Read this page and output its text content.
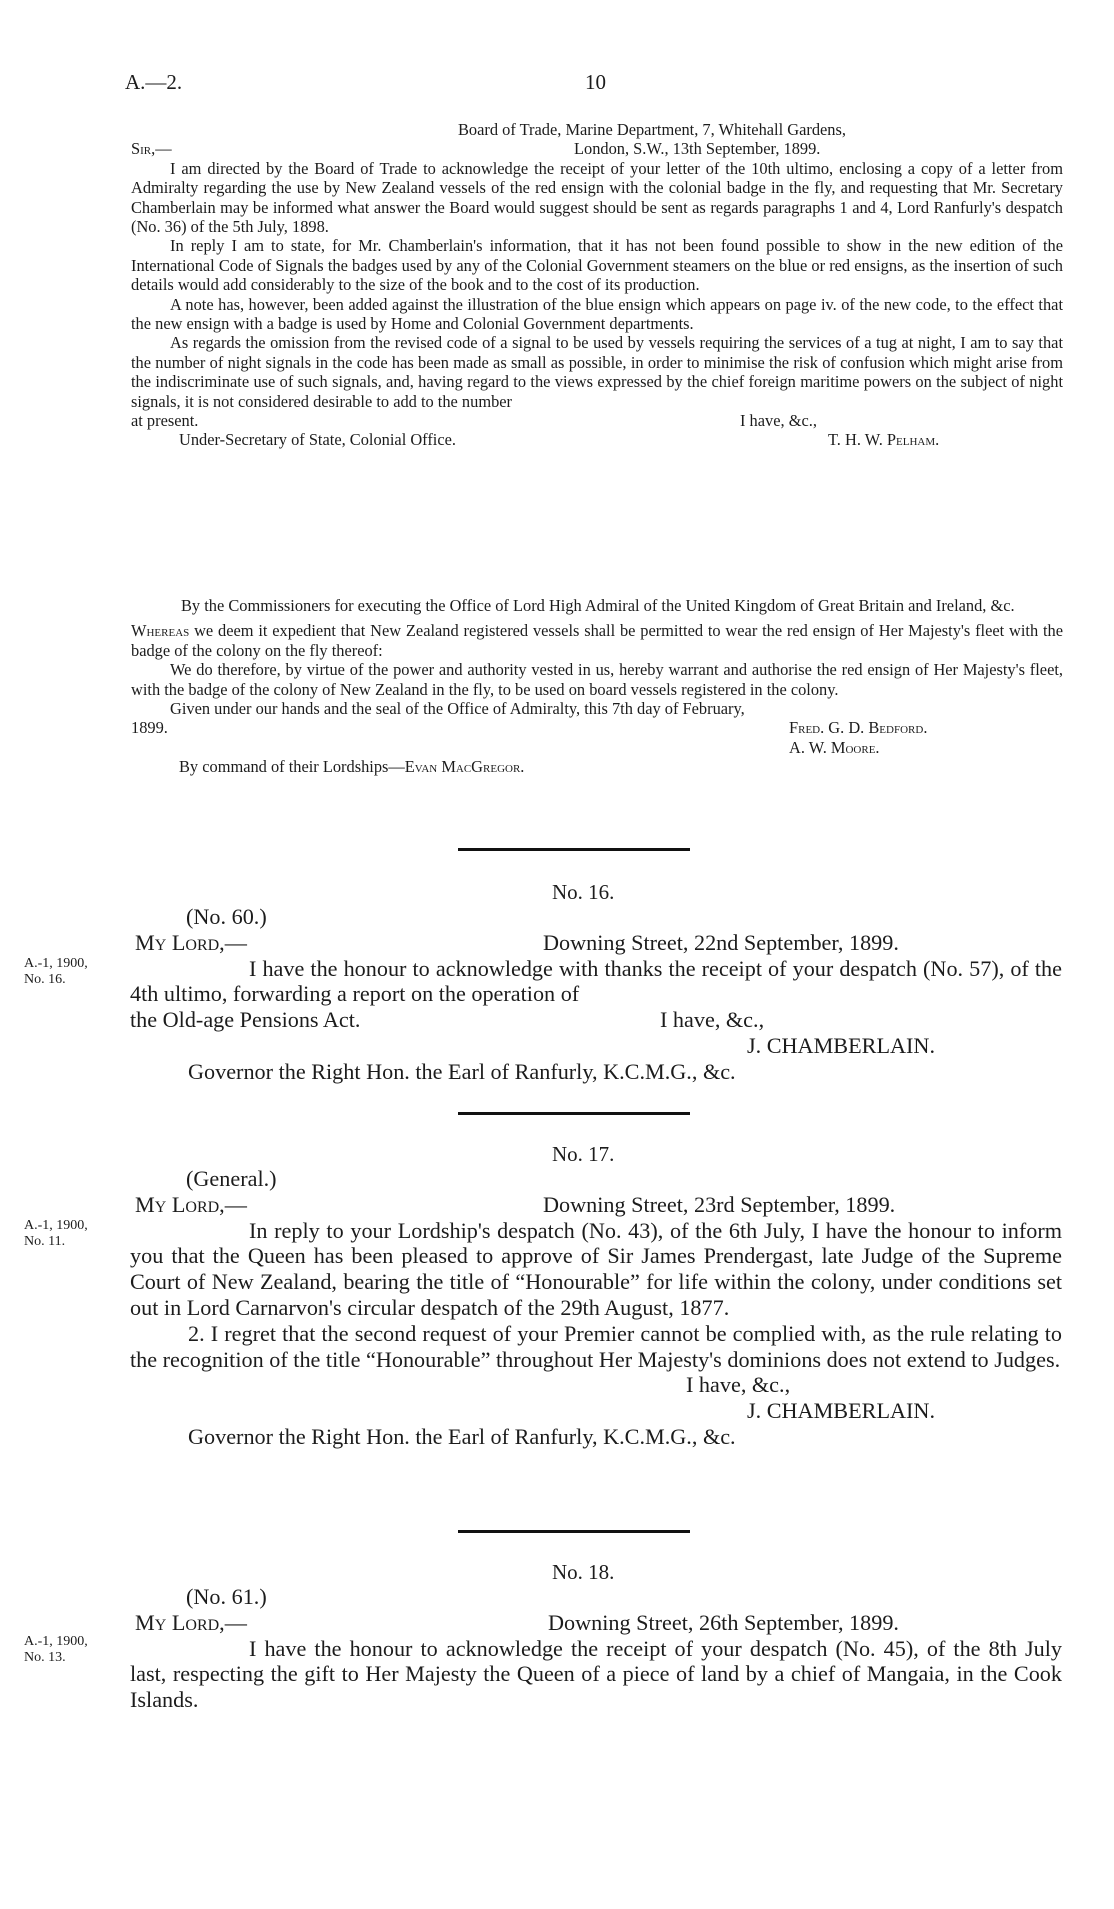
A.—2.	10
Board of Trade, Marine Department, 7, Whitehall Gardens,
Sir,—	London, S.W., 13th September, 1899.

I am directed by the Board of Trade to acknowledge the receipt of your letter of the 10th ultimo, enclosing a copy of a letter from Admiralty regarding the use by New Zealand vessels of the red ensign with the colonial badge in the fly, and requesting that Mr. Secretary Chamberlain may be informed what answer the Board would suggest should be sent as regards paragraphs 1 and 4, Lord Ranfurly's despatch (No. 36) of the 5th July, 1898.

In reply I am to state, for Mr. Chamberlain's information, that it has not been found possible to show in the new edition of the International Code of Signals the badges used by any of the Colonial Government steamers on the blue or red ensigns, as the insertion of such details would add considerably to the size of the book and to the cost of its production.

A note has, however, been added against the illustration of the blue ensign which appears on page iv. of the new code, to the effect that the new ensign with a badge is used by Home and Colonial Government departments.

As regards the omission from the revised code of a signal to be used by vessels requiring the services of a tug at night, I am to say that the number of night signals in the code has been made as small as possible, in order to minimise the risk of confusion which might arise from the indiscriminate use of such signals, and, having regard to the views expressed by the chief foreign maritime powers on the subject of night signals, it is not considered desirable to add to the number

at present.	I have, &c.,
Under-Secretary of State, Colonial Office.	T. H. W. Pelham.

By the Commissioners for executing the Office of Lord High Admiral of the United Kingdom of Great Britain and Ireland, &c.

Whereas we deem it expedient that New Zealand registered vessels shall be permitted to wear the red ensign of Her Majesty's fleet with the badge of the colony on the fly thereof:

We do therefore, by virtue of the power and authority vested in us, hereby warrant and authorise the red ensign of Her Majesty's fleet, with the badge of the colony of New Zealand in the fly, to be used on board vessels registered in the colony.

Given under our hands and the seal of the Office of Admiralty, this 7th day of February,

1899.	Fred. G. D. Bedford.
A. W. Moore.

By command of their Lordships—Evan MacGregor.

No. 16.
A.-1, 1900,
No. 16.
(No. 60.)
My Lord,—	Downing Street, 22nd September, 1899.

I have the honour to acknowledge with thanks the receipt of your despatch (No. 57), of the 4th ultimo, forwarding a report on the operation of

the Old-age Pensions Act.	I have, &c.,
J. CHAMBERLAIN.
Governor the Right Hon. the Earl of Ranfurly, K.C.M.G., &c.
No. 17.
A.-1, 1900,
No. 11.
(General.)
My Lord,—	Downing Street, 23rd September, 1899.

In reply to your Lordship's despatch (No. 43), of the 6th July, I have the honour to inform you that the Queen has been pleased to approve of Sir James Prendergast, late Judge of the Supreme Court of New Zealand, bearing the title of “Honourable” for life within the colony, under conditions set out in Lord Carnarvon's circular despatch of the 29th August, 1877.

2. I regret that the second request of your Premier cannot be complied with, as the rule relating to the recognition of the title “Honourable” throughout Her Majesty's dominions does not extend to Judges.

I have, &c.,
J. CHAMBERLAIN.
Governor the Right Hon. the Earl of Ranfurly, K.C.M.G., &c.
No. 18.
A.-1, 1900,
No. 13.
(No. 61.)
My Lord,—	Downing Street, 26th September, 1899.

I have the honour to acknowledge the receipt of your despatch (No. 45), of the 8th July last, respecting the gift to Her Majesty the Queen of a piece of land by a chief of Mangaia, in the Cook Islands.
